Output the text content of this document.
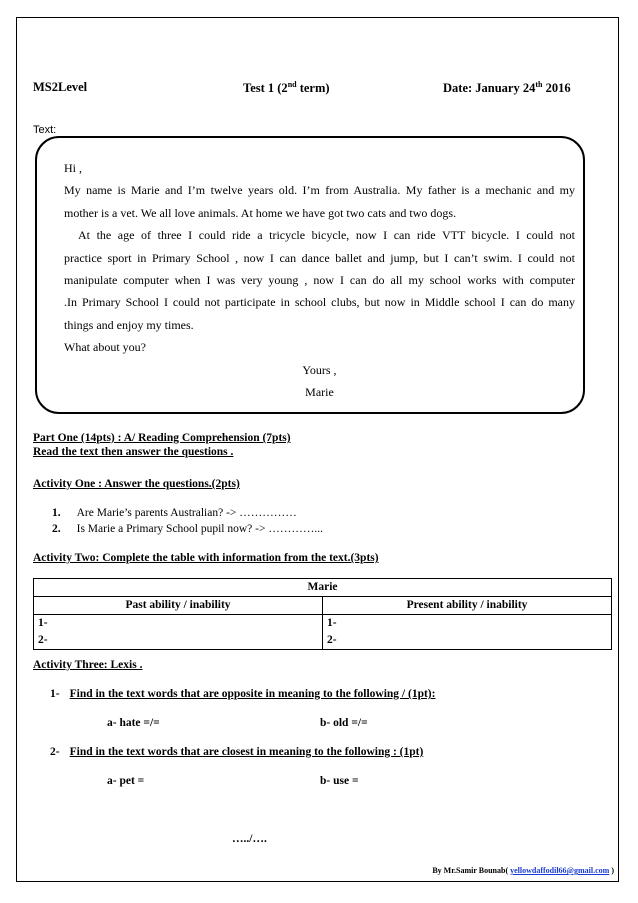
MS2Level	Test 1 (2nd term)	Date: January 24th 2016
Text:

Hi ,

My name is Marie and I’m twelve years old. I’m from Australia. My father is a mechanic and my

mother is a vet. We all love animals. At home we have got two cats and two dogs.

At the age of three I could ride a tricycle bicycle, now I can ride VTT bicycle. I could not

practice sport in Primary School , now I can dance ballet and jump, but I can’t swim. I could not

manipulate computer when I was very young , now I can do all my school works with computer

.In Primary School I could not participate in school clubs, but now in Middle school I can do many

things and enjoy my times.

What about you?

Yours ,

Marie

Part One (14pts) : A/ Reading Comprehension (7pts)
Read the text then answer the questions .
Activity One : Answer the questions.(2pts)
1. Are Marie’s parents Australian? -> ……………
2. Is Marie a Primary School pupil now? -> …………...
Activity Two: Complete the table with information from the text.(3pts)
Marie	
Past ability / inability	Present ability / inability
1-	1-
2-	2-
Activity Three: Lexis .
1- Find in the text words that are opposite in meaning to the following / (1pt):
a- hate =/=	b- old =/=
2- Find in the text words that are closest in meaning to the following : (1pt)
a- pet =	b- use =
…../….
By Mr.Samir Bounab( yellowdaffodil66@gmail.com )
